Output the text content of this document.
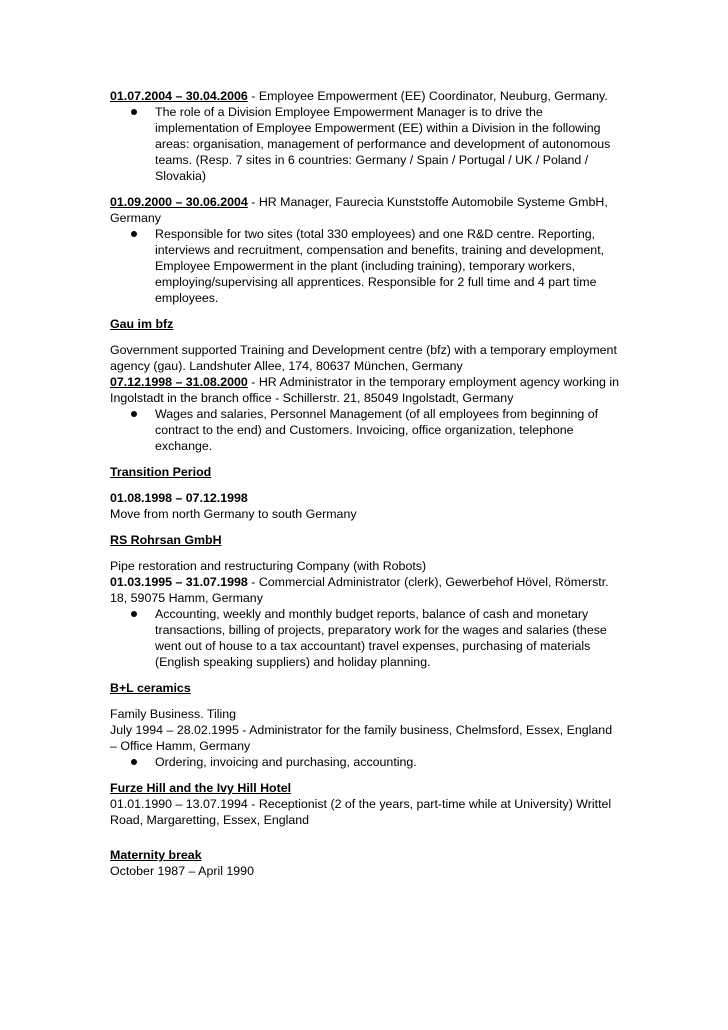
01.07.2004 – 30.04.2006 - Employee Empowerment (EE) Coordinator, Neuburg, Germany.

The role of a Division Employee Empowerment Manager is to drive the implementation of Employee Empowerment (EE) within a Division in the following areas: organisation, management of performance and development of autonomous teams. (Resp. 7 sites in 6 countries: Germany / Spain / Portugal / UK / Poland / Slovakia)

01.09.2000 – 30.06.2004 - HR Manager, Faurecia Kunststoffe Automobile Systeme GmbH, Germany

Responsible for two sites (total 330 employees) and one R&D centre. Reporting, interviews and recruitment, compensation and benefits, training and development, Employee Empowerment in the plant (including training), temporary workers, employing/supervising all apprentices. Responsible for 2 full time and 4 part time employees.

Gau im bfz

Government supported Training and Development centre (bfz) with a temporary employment agency (gau). Landshuter Allee, 174, 80637 München, Germany

07.12.1998 – 31.08.2000 - HR Administrator in the temporary employment agency working in Ingolstadt in the branch office - Schillerstr. 21, 85049 Ingolstadt, Germany

Wages and salaries, Personnel Management (of all employees from beginning of contract to the end) and Customers. Invoicing, office organization, telephone exchange.

Transition Period

01.08.1998 – 07.12.1998

Move from north Germany to south Germany

RS Rohrsan GmbH

Pipe restoration and restructuring Company (with Robots)

01.03.1995 – 31.07.1998 - Commercial Administrator (clerk), Gewerbehof Hövel, Römerstr. 18, 59075 Hamm, Germany

Accounting, weekly and monthly budget reports, balance of cash and monetary transactions, billing of projects, preparatory work for the wages and salaries (these went out of house to a tax accountant) travel expenses, purchasing of materials (English speaking suppliers) and holiday planning.

B+L ceramics

Family Business. Tiling

July 1994 – 28.02.1995 - Administrator for the family business, Chelmsford, Essex, England – Office Hamm, Germany

Ordering, invoicing and purchasing, accounting.

Furze Hill and the Ivy Hill Hotel

01.01.1990 – 13.07.1994 - Receptionist (2 of the years, part-time while at University) Writtel Road, Margaretting, Essex, England

Maternity break

October 1987 – April 1990
